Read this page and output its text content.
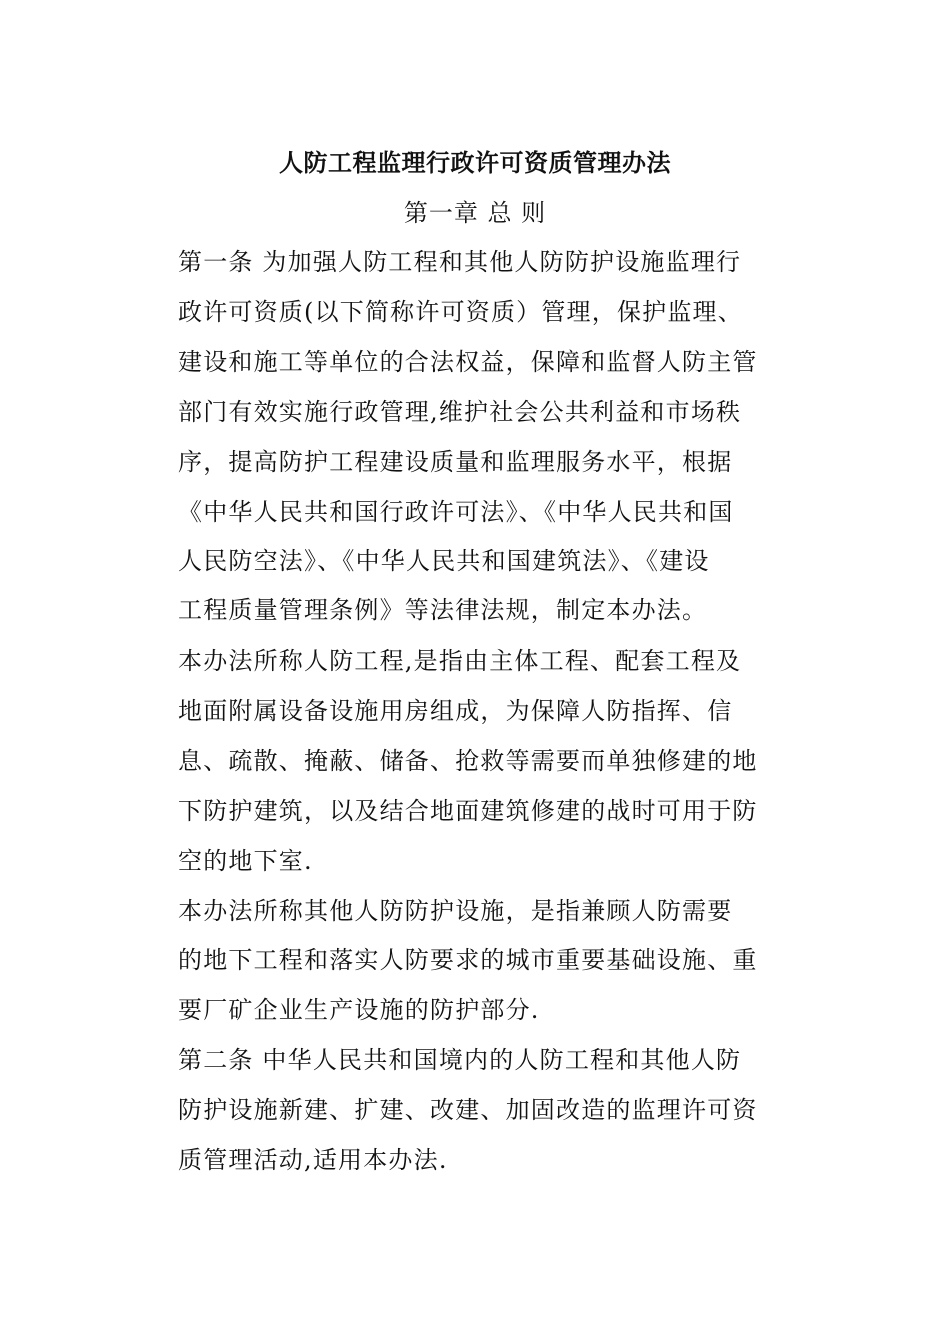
人防工程监理行政许可资质管理办法
第一章 总 则
第一条 为加强人防工程和其他人防防护设施监理行
政许可资质(以下简称许可资质）管理，保护监理、
建设和施工等单位的合法权益，保障和监督人防主管
部门有效实施行政管理,维护社会公共利益和市场秩
序，提高防护工程建设质量和监理服务水平，根据
《中华人民共和国行政许可法》、《中华人民共和国
人民防空法》、《中华人民共和国建筑法》、《建设
工程质量管理条例》等法律法规，制定本办法。
本办法所称人防工程,是指由主体工程、配套工程及
地面附属设备设施用房组成，为保障人防指挥、信
息、疏散、掩蔽、储备、抢救等需要而单独修建的地
下防护建筑，以及结合地面建筑修建的战时可用于防
空的地下室.
本办法所称其他人防防护设施，是指兼顾人防需要
的地下工程和落实人防要求的城市重要基础设施、重
要厂矿企业生产设施的防护部分.
第二条 中华人民共和国境内的人防工程和其他人防
防护设施新建、扩建、改建、加固改造的监理许可资
质管理活动,适用本办法.
